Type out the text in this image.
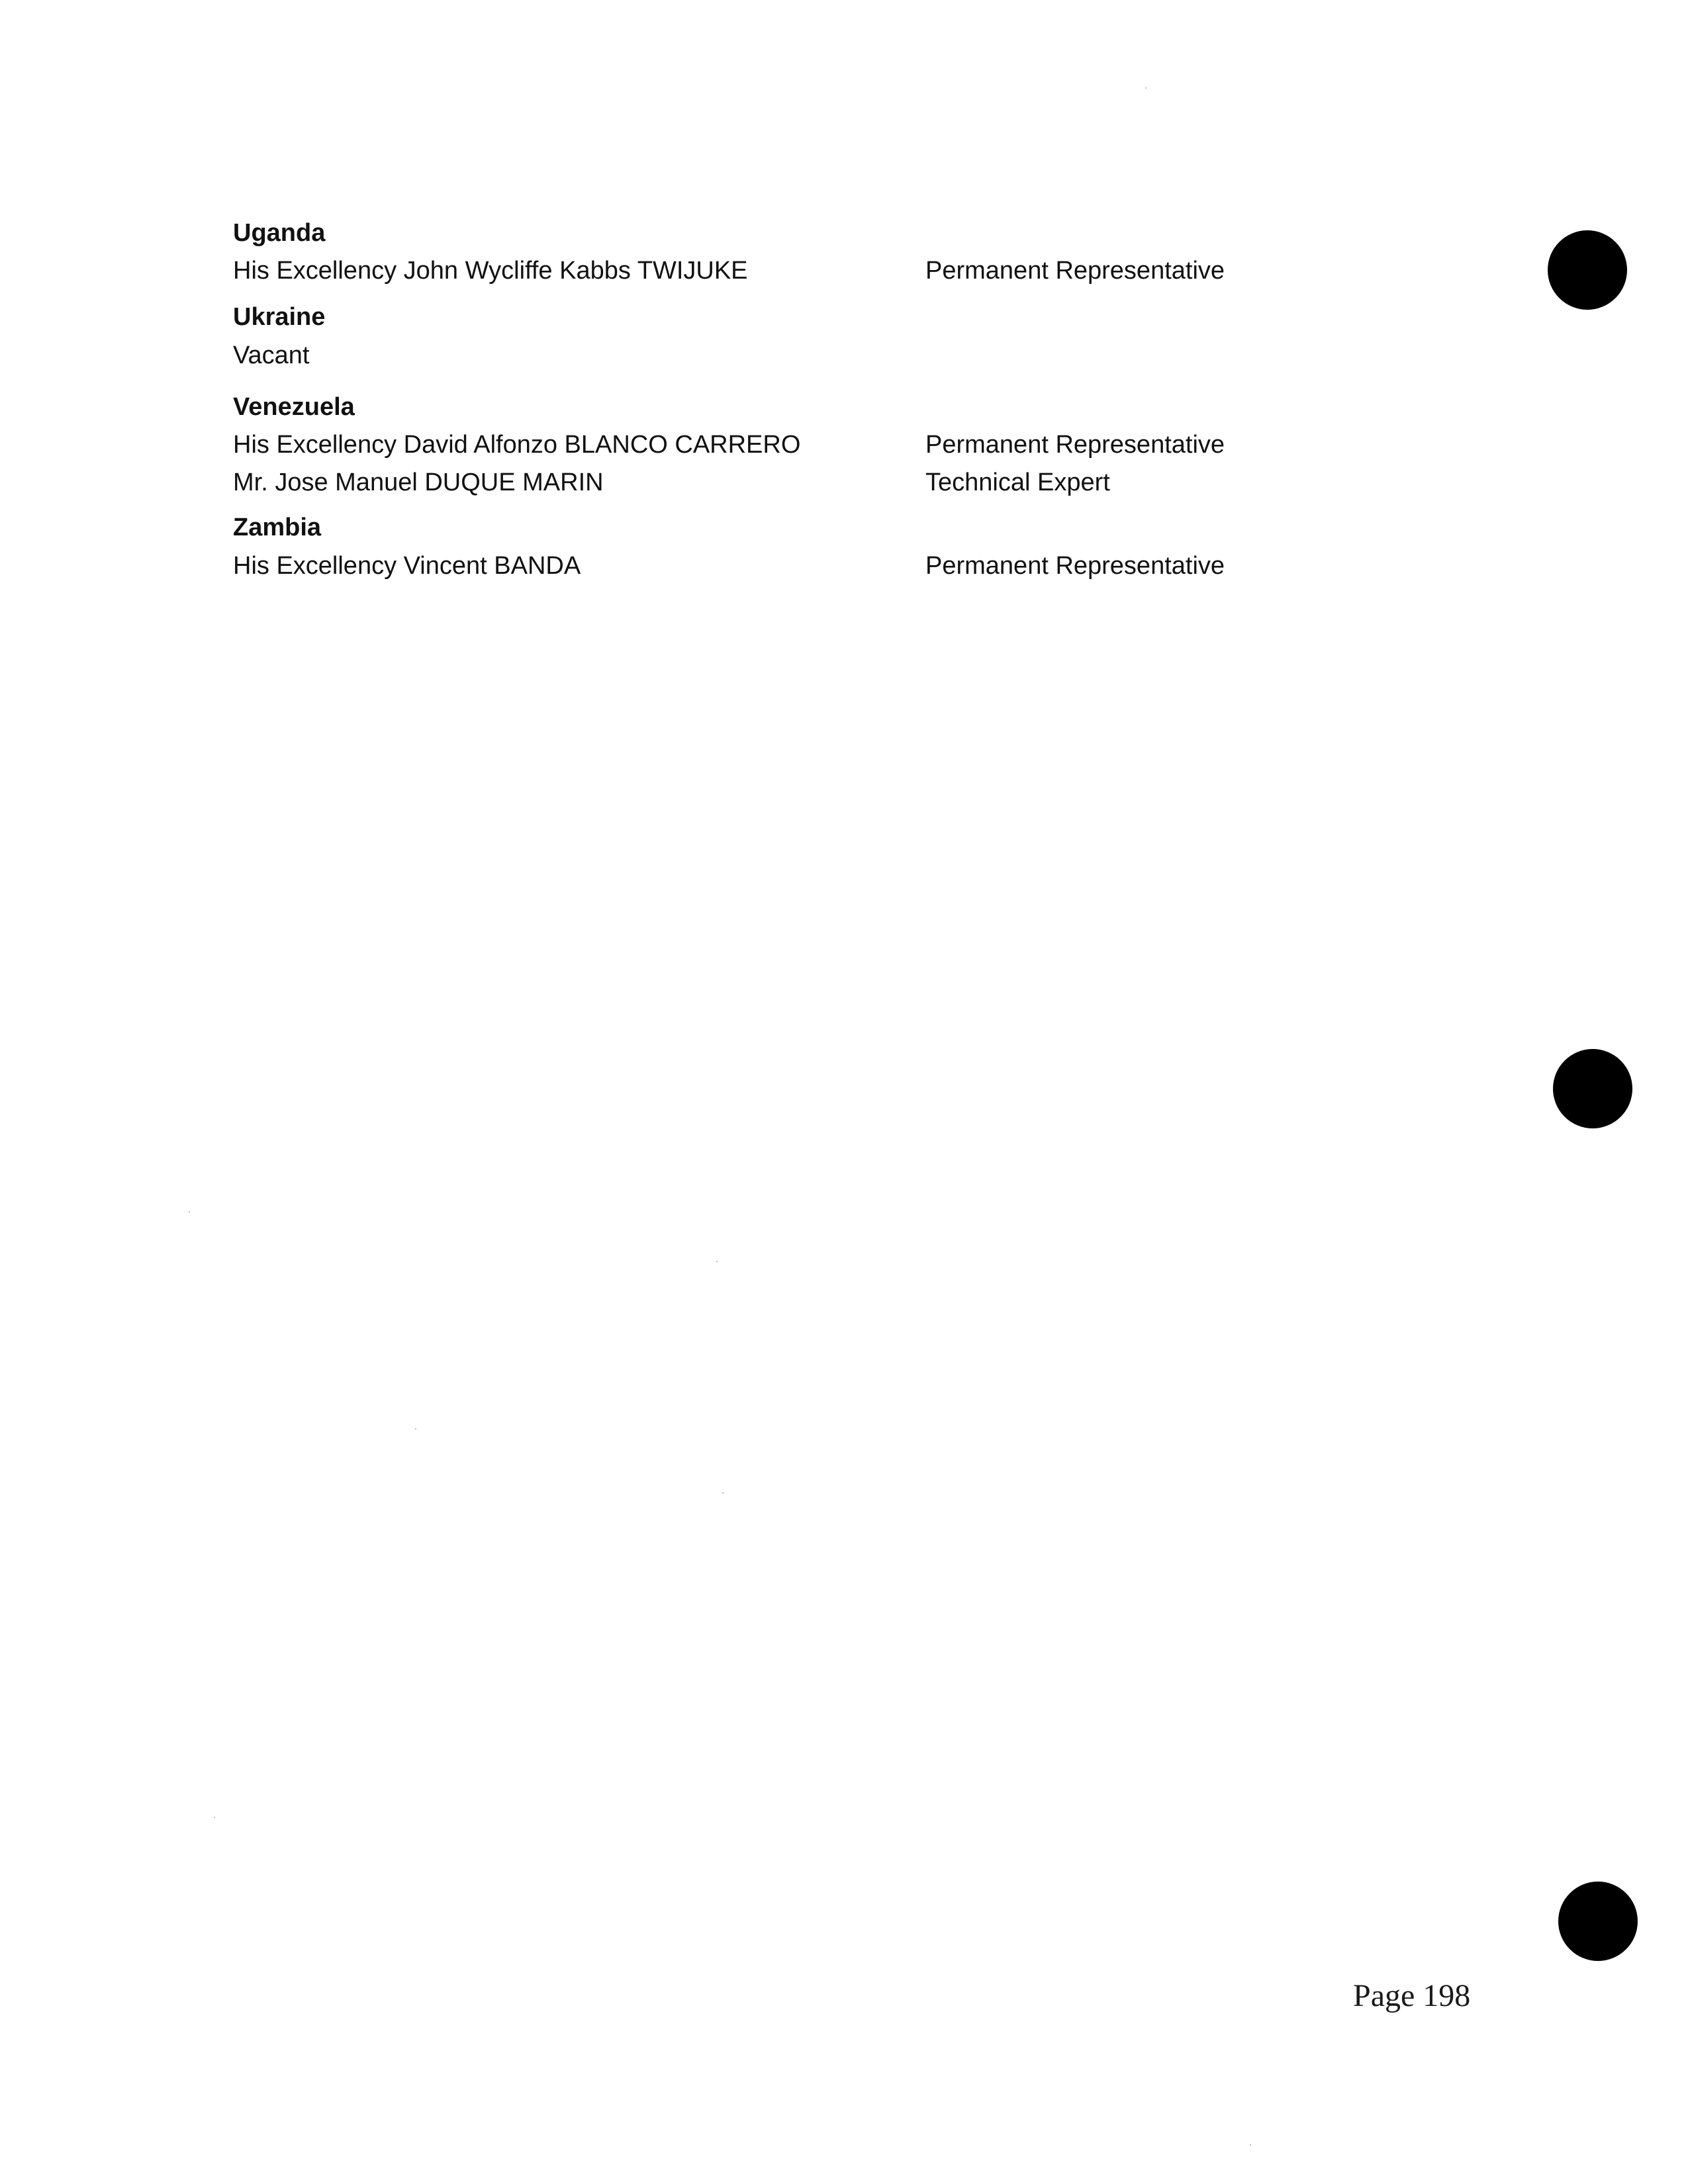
Uganda
His Excellency John Wycliffe Kabbs TWIJUKE	Permanent Representative
Ukraine
Vacant
Venezuela
His Excellency David Alfonzo BLANCO CARRERO	Permanent Representative
Mr. Jose Manuel DUQUE MARIN	Technical Expert
Zambia
His Excellency Vincent BANDA	Permanent Representative
Page 198
